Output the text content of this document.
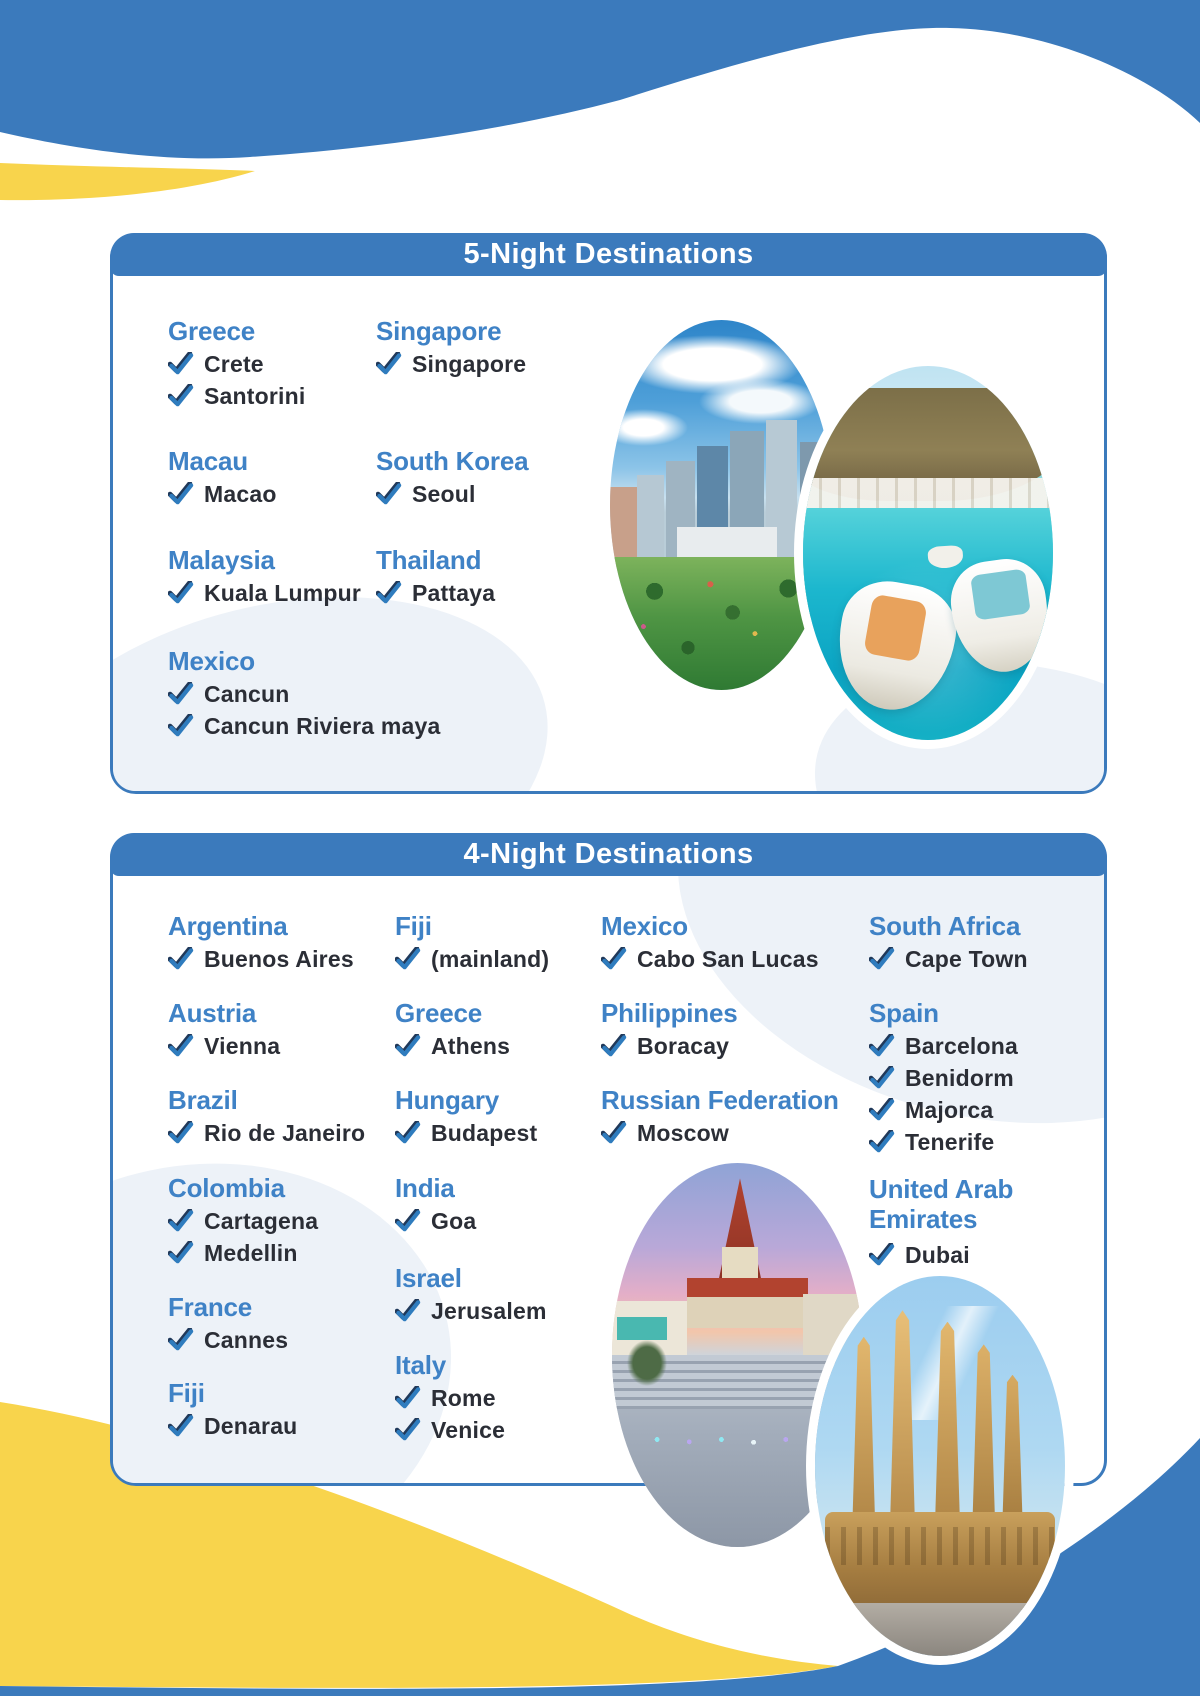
5-Night Destinations
Greece
Crete
Santorini
Macau
Macao
Malaysia
Kuala Lumpur
Mexico
Cancun
Cancun Riviera maya
Singapore
Singapore
South Korea
Seoul
Thailand
Pattaya
4-Night Destinations
Argentina
Buenos Aires
Austria
Vienna
Brazil
Rio de Janeiro
Colombia
Cartagena
Medellin
France
Cannes
Fiji
Denarau
Fiji
(mainland)
Greece
Athens
Hungary
Budapest
India
Goa
Israel
Jerusalem
Italy
Rome
Venice
Mexico
Cabo San Lucas
Philippines
Boracay
Russian Federation
Moscow
South Africa
Cape Town
Spain
Barcelona
Benidorm
Majorca
Tenerife
United Arab Emirates
Dubai
